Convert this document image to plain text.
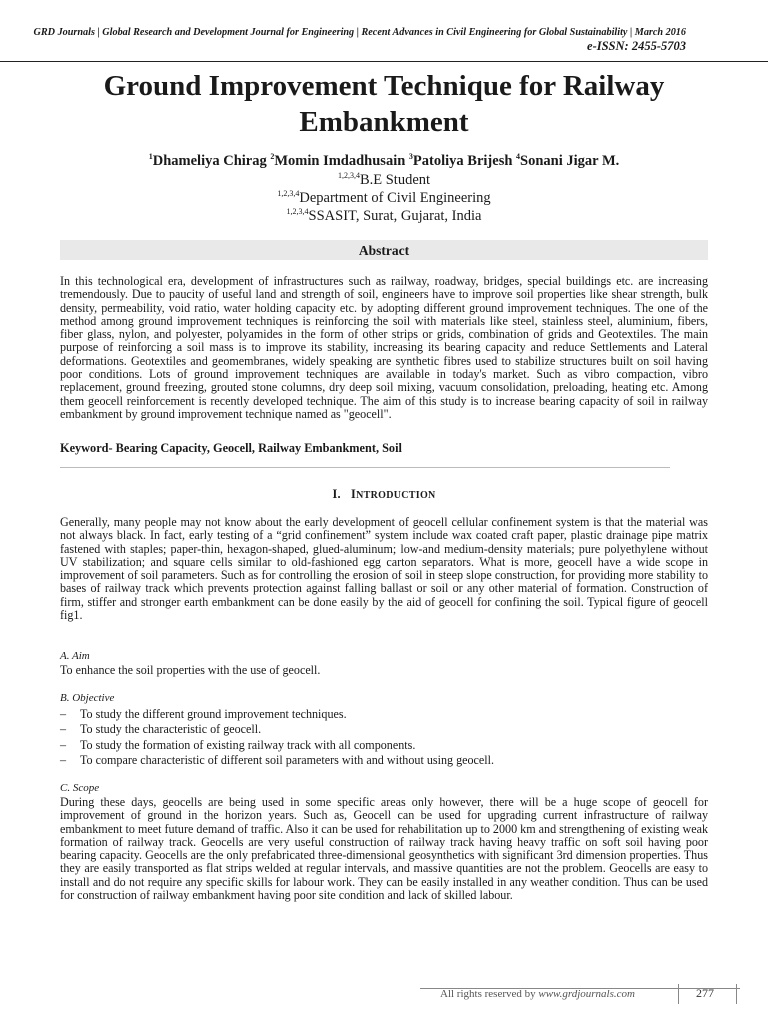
GRD Journals | Global Research and Development Journal for Engineering | Recent Advances in Civil Engineering for Global Sustainability | March 2016
e-ISSN: 2455-5703
Ground Improvement Technique for Railway
Embankment
$^1$Dhameliya Chirag $^2$Momin Imdadhusain $^3$Patoliya Brijesh $^4$Sonani Jigar M.
$^{1,2,3,4}$B.E Student
$^{1,2,3,4}$Department of Civil Engineering
$^{1,2,3,4}$SSASIT, Surat, Gujarat, India
Abstract
In this technological era, development of infrastructures such as railway, roadway, bridges, special buildings etc. are increasing tremendously. Due to paucity of useful land and strength of soil, engineers have to improve soil properties like shear strength, bulk density, permeability, void ratio, water holding capacity etc. by adopting different ground improvement techniques. The one of the method among ground improvement techniques is reinforcing the soil with materials like steel, stainless steel, aluminium, fibers, fiber glass, nylon, and polyester, polyamides in the form of other strips or grids, combination of grids and Geotextiles. The main purpose of reinforcing a soil mass is to improve its stability, increasing its bearing capacity and reduce Settlements and Lateral deformations. Geotextiles and geomembranes, widely speaking are synthetic fibres used to stabilize structures built on soil having poor conditions. Lots of ground improvement techniques are available in today's market. Such as vibro compaction, vibro replacement, ground freezing, grouted stone columns, dry deep soil mixing, vacuum consolidation, preloading, heating etc. Among them geocell reinforcement is recently developed technique. The aim of this study is to increase bearing capacity of soil in railway embankment by ground improvement technique named as "geocell".
Keyword- Bearing Capacity, Geocell, Railway Embankment, Soil
I. INTRODUCTION
Generally, many people may not know about the early development of geocell cellular confinement system is that the material was not always black. In fact, early testing of a “grid confinement” system include wax coated craft paper, plastic drainage pipe matrix fastened with staples; paper-thin, hexagon-shaped, glued-aluminum; low-and medium-density materials; pure polyethylene without UV stabilization; and square cells similar to old-fashioned egg carton separators. What is more, geocell have a wide scope in improvement of soil parameters. Such as for controlling the erosion of soil in steep slope construction, for providing more stability to bases of railway track which prevents protection against falling ballast or soil or any other material of formation. Construction of firm, stiffer and stronger earth embankment can be done easily by the aid of geocell for confining the soil. Typical figure of geocell fig1.
A. Aim
To enhance the soil properties with the use of geocell.
B. Objective
– To study the different ground improvement techniques.
– To study the characteristic of geocell.
– To study the formation of existing railway track with all components.
– To compare characteristic of different soil parameters with and without using geocell.
C. Scope
During these days, geocells are being used in some specific areas only however, there will be a huge scope of geocell for improvement of ground in the horizon years. Such as, Geocell can be used for upgrading current infrastructure of railway embankment to meet future demand of traffic. Also it can be used for rehabilitation up to 2000 km and strengthening of existing weak formation of railway track. Geocells are very useful construction of railway track having heavy traffic on soft soil having poor bearing capacity. Geocells are the only prefabricated three-dimensional geosynthetics with significant 3rd dimension properties. Thus they are easily transported as flat strips welded at regular intervals, and massive quantities are not the problem. Geocells are easy to install and do not require any specific skills for labour work. They can be easily installed in any weather condition. Thus can be used for construction of railway embankment having poor site condition and lack of skilled labour.
All rights reserved by www.grdjournals.com	277
